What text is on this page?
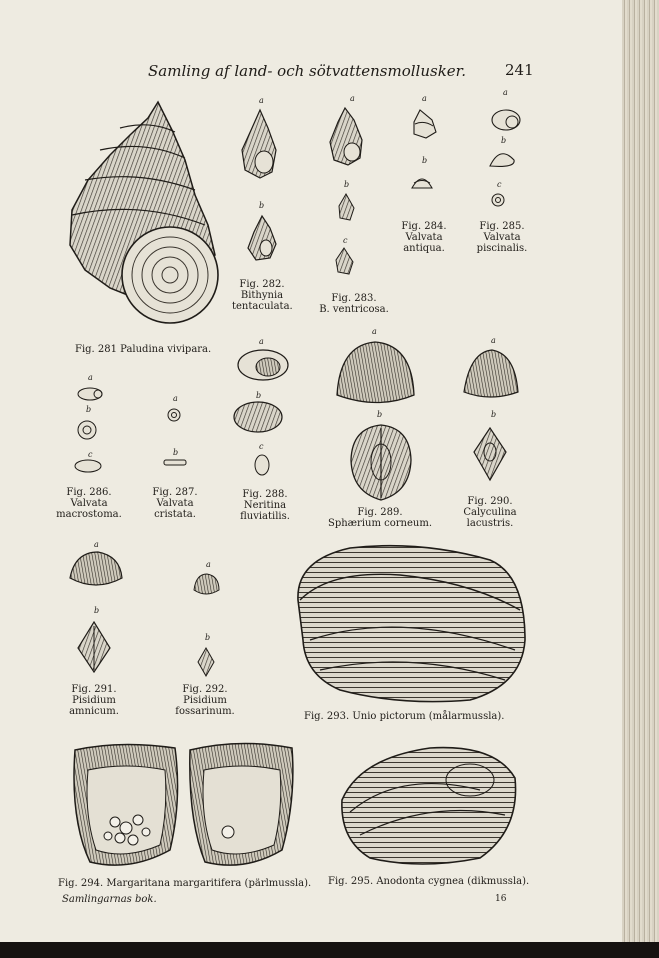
Samling af land- och sötvattensmollusker.	241
a
b
a
b
c
a
b
a
b
c
a
b
a
b
a
b
c
a
b
c
a
b
a
b
a
b
Fig. 281 Paludina vivipara.
Fig. 282.
Bithynia
tentaculata.
Fig. 283.
B. ventricosa.
Fig. 284.
Valvata
antiqua.
Fig. 285.
Valvata
piscinalis.
Fig. 286.
Valvata
macrostoma.
Fig. 287.
Valvata
cristata.
Fig. 288.
Neritina
fluviatilis.	Fig. 289.
Sphærium corneum.
Fig. 290.
Calyculina
lacustris.
Fig. 291.
Pisidium
amnicum.
Fig. 292.
Pisidium
fossarinum.	Fig. 293. Unio pictorum (målarmussla).
Fig. 294. Margaritana margaritifera (pärlmussla). Fig. 295. Anodonta cygnea (dikmussla).
Samlingarnas bok.	16
